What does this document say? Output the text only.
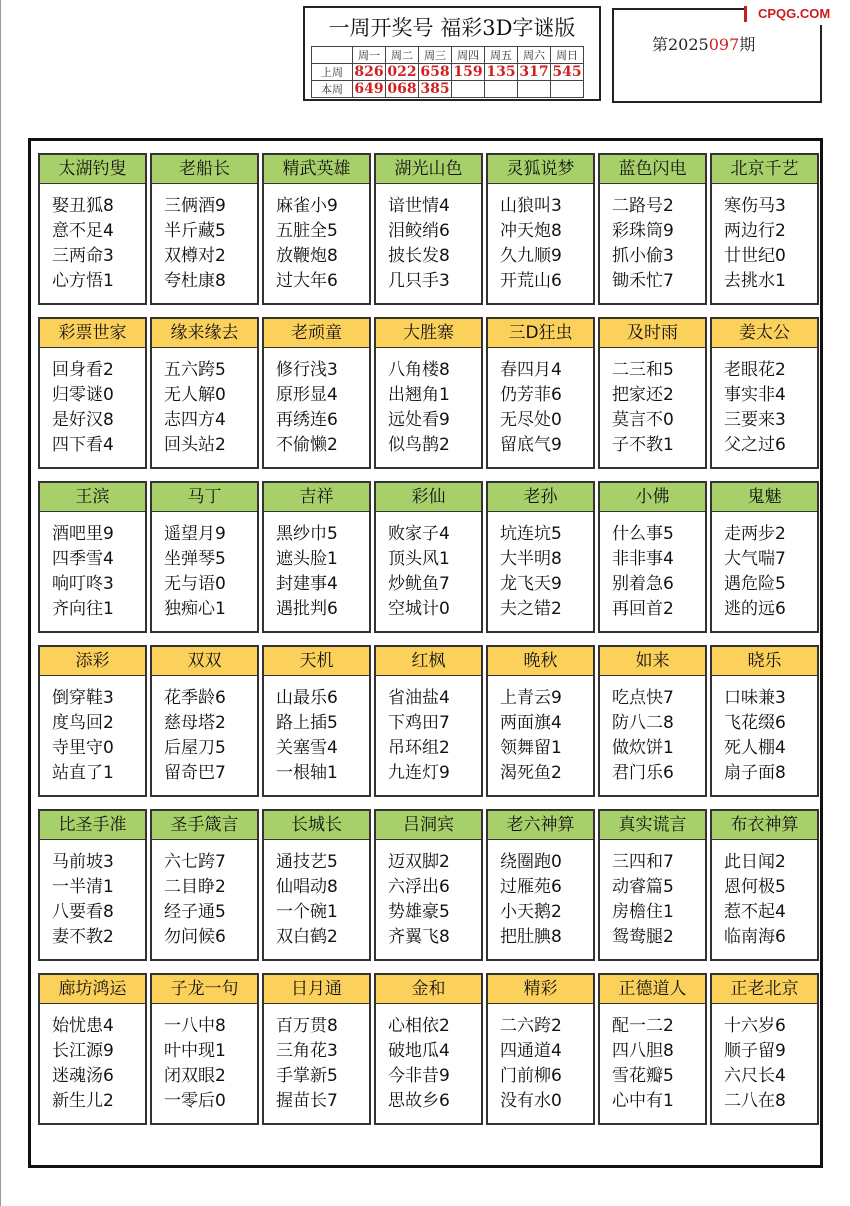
一周开奖号 福彩3D字谜版
	周一	周二	周三	周四	周五	周六	周日
上周	826	022	658	159	135	317	545
本周	649	068	385				
第2025097期
CPQG.COM
太湖钓叟
娶丑狐8
意不足4
三两命3
心方悟1
老船长
三俩酒9
半斤藏5
双樽对2
夸杜康8
精武英雄
麻雀小9
五脏全5
放鞭炮8
过大年6
湖光山色
谙世情4
泪鲛绡6
披长发8
几只手3
灵狐说梦
山狼叫3
冲天炮8
久九顺9
开荒山6
蓝色闪电
二路号2
彩珠筒9
抓小偷3
锄禾忙7
北京千艺
寒伤马3
两边行2
廿世纪0
去挑水1
彩票世家
回身看2
归零谜0
是好汉8
四下看4
缘来缘去
五六跨5
无人解0
志四方4
回头站2
老顽童
修行浅3
原形显4
再绣连6
不偷懒2
大胜寨
八角楼8
出翘角1
远处看9
似鸟鹊2
三D狂虫
春四月4
仍芳菲6
无尽处0
留底气9
及时雨
二三和5
把家还2
莫言不0
子不教1
姜太公
老眼花2
事实非4
三要来3
父之过6
王滨
酒吧里9
四季雪4
响叮咚3
齐向往1
马丁
遥望月9
坐弹琴5
无与语0
独痴心1
吉祥
黑纱巾5
遮头脸1
封建事4
遇批判6
彩仙
败家子4
顶头风1
炒鱿鱼7
空城计0
老孙
坑连坑5
大半明8
龙飞天9
夫之错2
小佛
什么事5
非非事4
别着急6
再回首2
鬼魅
走两步2
大气喘7
遇危险5
逃的远6
添彩
倒穿鞋3
度鸟回2
寺里守0
站直了1
双双
花季龄6
慈母塔2
后屋刀5
留奇巴7
天机
山最乐6
路上插5
关塞雪4
一根轴1
红枫
省油盐4
下鸡田7
吊环组2
九连灯9
晚秋
上青云9
两面旗4
领舞留1
渴死鱼2
如来
吃点快7
防八二8
做炊饼1
君门乐6
晓乐
口味兼3
飞花缀6
死人棚4
扇子面8
比圣手准
马前坡3
一半清1
八要看8
妻不教2
圣手箴言
六七跨7
二目睁2
经子通5
勿问候6
长城长
通技艺5
仙唱动8
一个碗1
双白鹤2
吕洞宾
迈双脚2
六浮出6
势雄豪5
齐翼飞8
老六神算
绕圈跑0
过雁苑6
小天鹅2
把肚腆8
真实谎言
三四和7
动睿篇5
房檐住1
鸳鸯腿2
布衣神算
此日闻2
恩何极5
惹不起4
临南海6
廊坊鸿运
始忧患4
长江源9
迷魂汤6
新生儿2
子龙一句
一八中8
叶中现1
闭双眼2
一零后0
日月通
百万贯8
三角花3
手掌新5
握苗长7
金和
心相依2
破地瓜4
今非昔9
思故乡6
精彩
二六跨2
四通道4
门前柳6
没有水0
正德道人
配一二2
四八胆8
雪花瓣5
心中有1
正老北京
十六岁6
顺子留9
六尺长4
二八在8
